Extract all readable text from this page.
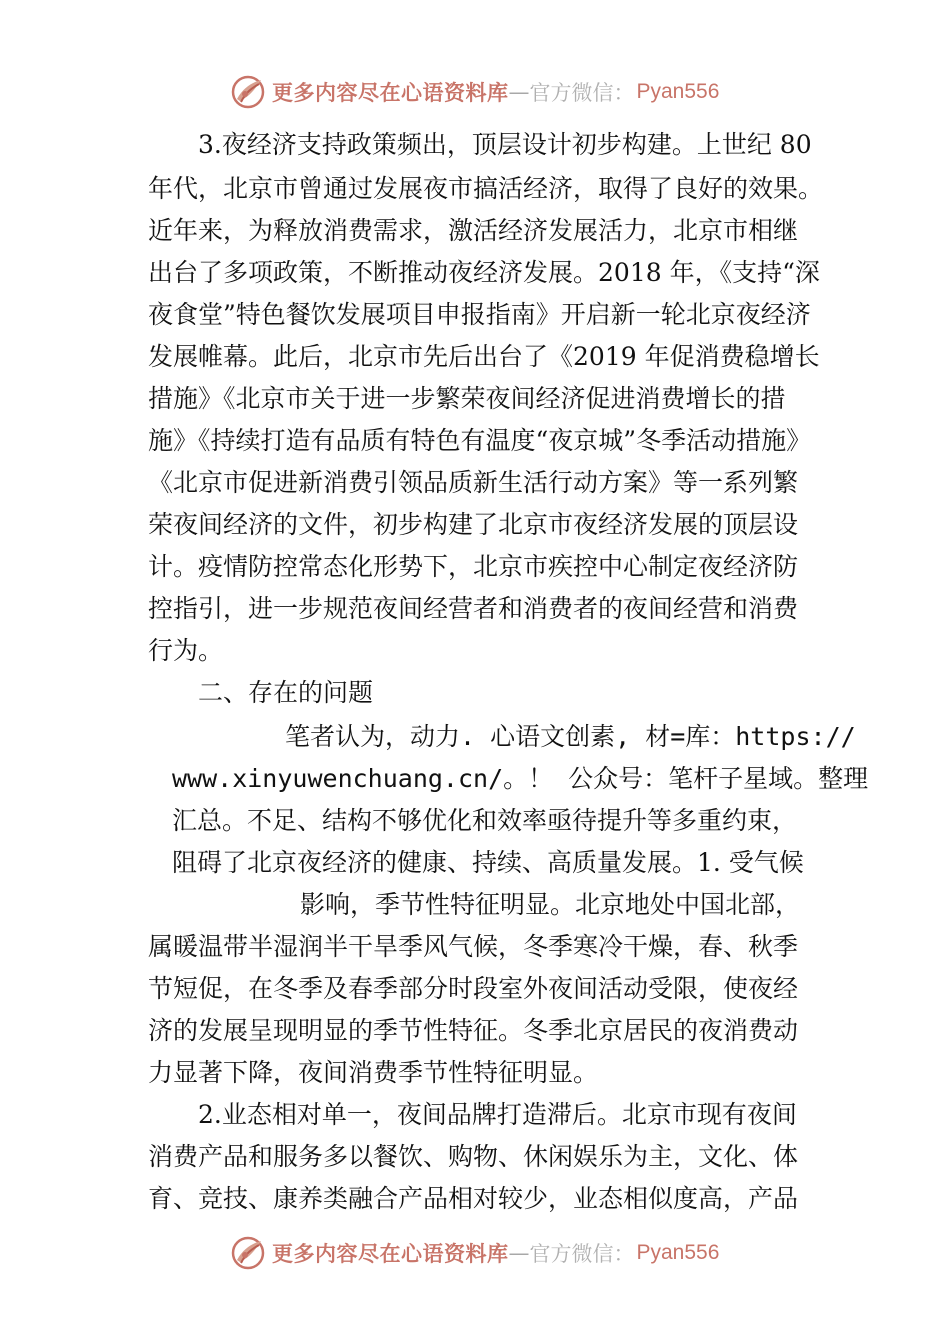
更多内容尽在心语资料库 — 官方微信： Pyan556
3.夜经济支持政策频出，顶层设计初步构建。上世纪 80
年代，北京市曾通过发展夜市搞活经济，取得了良好的效果。
近年来，为释放消费需求，激活经济发展活力，北京市相继
出台了多项政策，不断推动夜经济发展。2018 年，《支持“深
夜食堂”特色餐饮发展项目申报指南》开启新一轮北京夜经济
发展帷幕。此后，北京市先后出台了《2019 年促消费稳增长
措施》《北京市关于进一步繁荣夜间经济促进消费增长的措
施》《持续打造有品质有特色有温度“夜京城”冬季活动措施》
《北京市促进新消费引领品质新生活行动方案》等一系列繁
荣夜间经济的文件，初步构建了北京市夜经济发展的顶层设
计。疫情防控常态化形势下，北京市疾控中心制定夜经济防
控指引，进一步规范夜间经营者和消费者的夜间经营和消费
行为。
二、存在的问题
笔者认为，动力. 心语文创素, 材=库：https://
www.xinyuwenchuang.cn/。！ 公众号：笔杆子星域。整理
汇总。不足、结构不够优化和效率亟待提升等多重约束，
阻碍了北京夜经济的健康、持续、高质量发展。1. 受气候
影响，季节性特征明显。北京地处中国北部，
属暖温带半湿润半干旱季风气候，冬季寒冷干燥，春、秋季
节短促，在冬季及春季部分时段室外夜间活动受限，使夜经
济的发展呈现明显的季节性特征。冬季北京居民的夜消费动
力显著下降，夜间消费季节性特征明显。
2.业态相对单一，夜间品牌打造滞后。北京市现有夜间
消费产品和服务多以餐饮、购物、休闲娱乐为主，文化、体
育、竞技、康养类融合产品相对较少，业态相似度高，产品
更多内容尽在心语资料库 — 官方微信： Pyan556
